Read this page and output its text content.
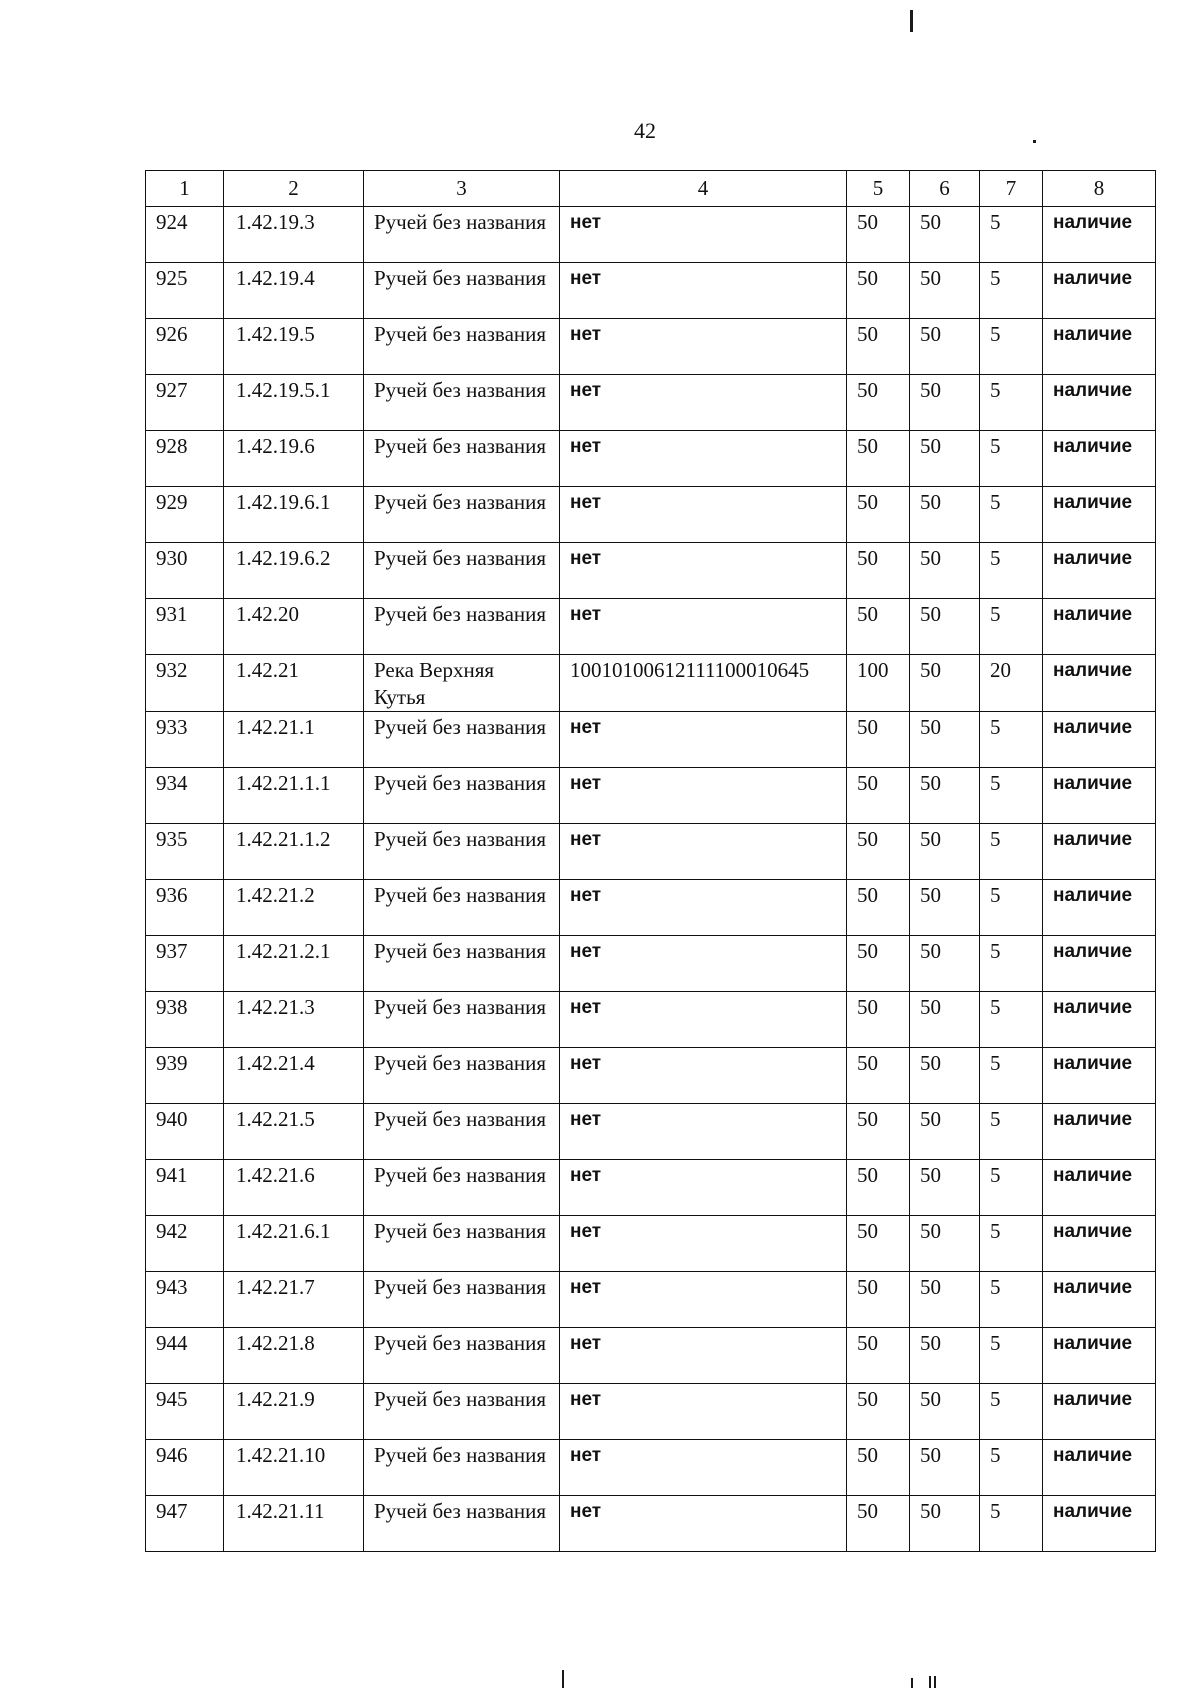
42
1	2	3	4	5	6	7	8
924	1.42.19.3	Ручей без названия	нет	50	50	5	наличие
925	1.42.19.4	Ручей без названия	нет	50	50	5	наличие
926	1.42.19.5	Ручей без названия	нет	50	50	5	наличие
927	1.42.19.5.1	Ручей без названия	нет	50	50	5	наличие
928	1.42.19.6	Ручей без названия	нет	50	50	5	наличие
929	1.42.19.6.1	Ручей без названия	нет	50	50	5	наличие
930	1.42.19.6.2	Ручей без названия	нет	50	50	5	наличие
931	1.42.20	Ручей без названия	нет	50	50	5	наличие
932	1.42.21	Река Верхняя Кутья	10010100612111100010645	100	50	20	наличие
933	1.42.21.1	Ручей без названия	нет	50	50	5	наличие
934	1.42.21.1.1	Ручей без названия	нет	50	50	5	наличие
935	1.42.21.1.2	Ручей без названия	нет	50	50	5	наличие
936	1.42.21.2	Ручей без названия	нет	50	50	5	наличие
937	1.42.21.2.1	Ручей без названия	нет	50	50	5	наличие
938	1.42.21.3	Ручей без названия	нет	50	50	5	наличие
939	1.42.21.4	Ручей без названия	нет	50	50	5	наличие
940	1.42.21.5	Ручей без названия	нет	50	50	5	наличие
941	1.42.21.6	Ручей без названия	нет	50	50	5	наличие
942	1.42.21.6.1	Ручей без названия	нет	50	50	5	наличие
943	1.42.21.7	Ручей без названия	нет	50	50	5	наличие
944	1.42.21.8	Ручей без названия	нет	50	50	5	наличие
945	1.42.21.9	Ручей без названия	нет	50	50	5	наличие
946	1.42.21.10	Ручей без названия	нет	50	50	5	наличие
947	1.42.21.11	Ручей без названия	нет	50	50	5	наличие
